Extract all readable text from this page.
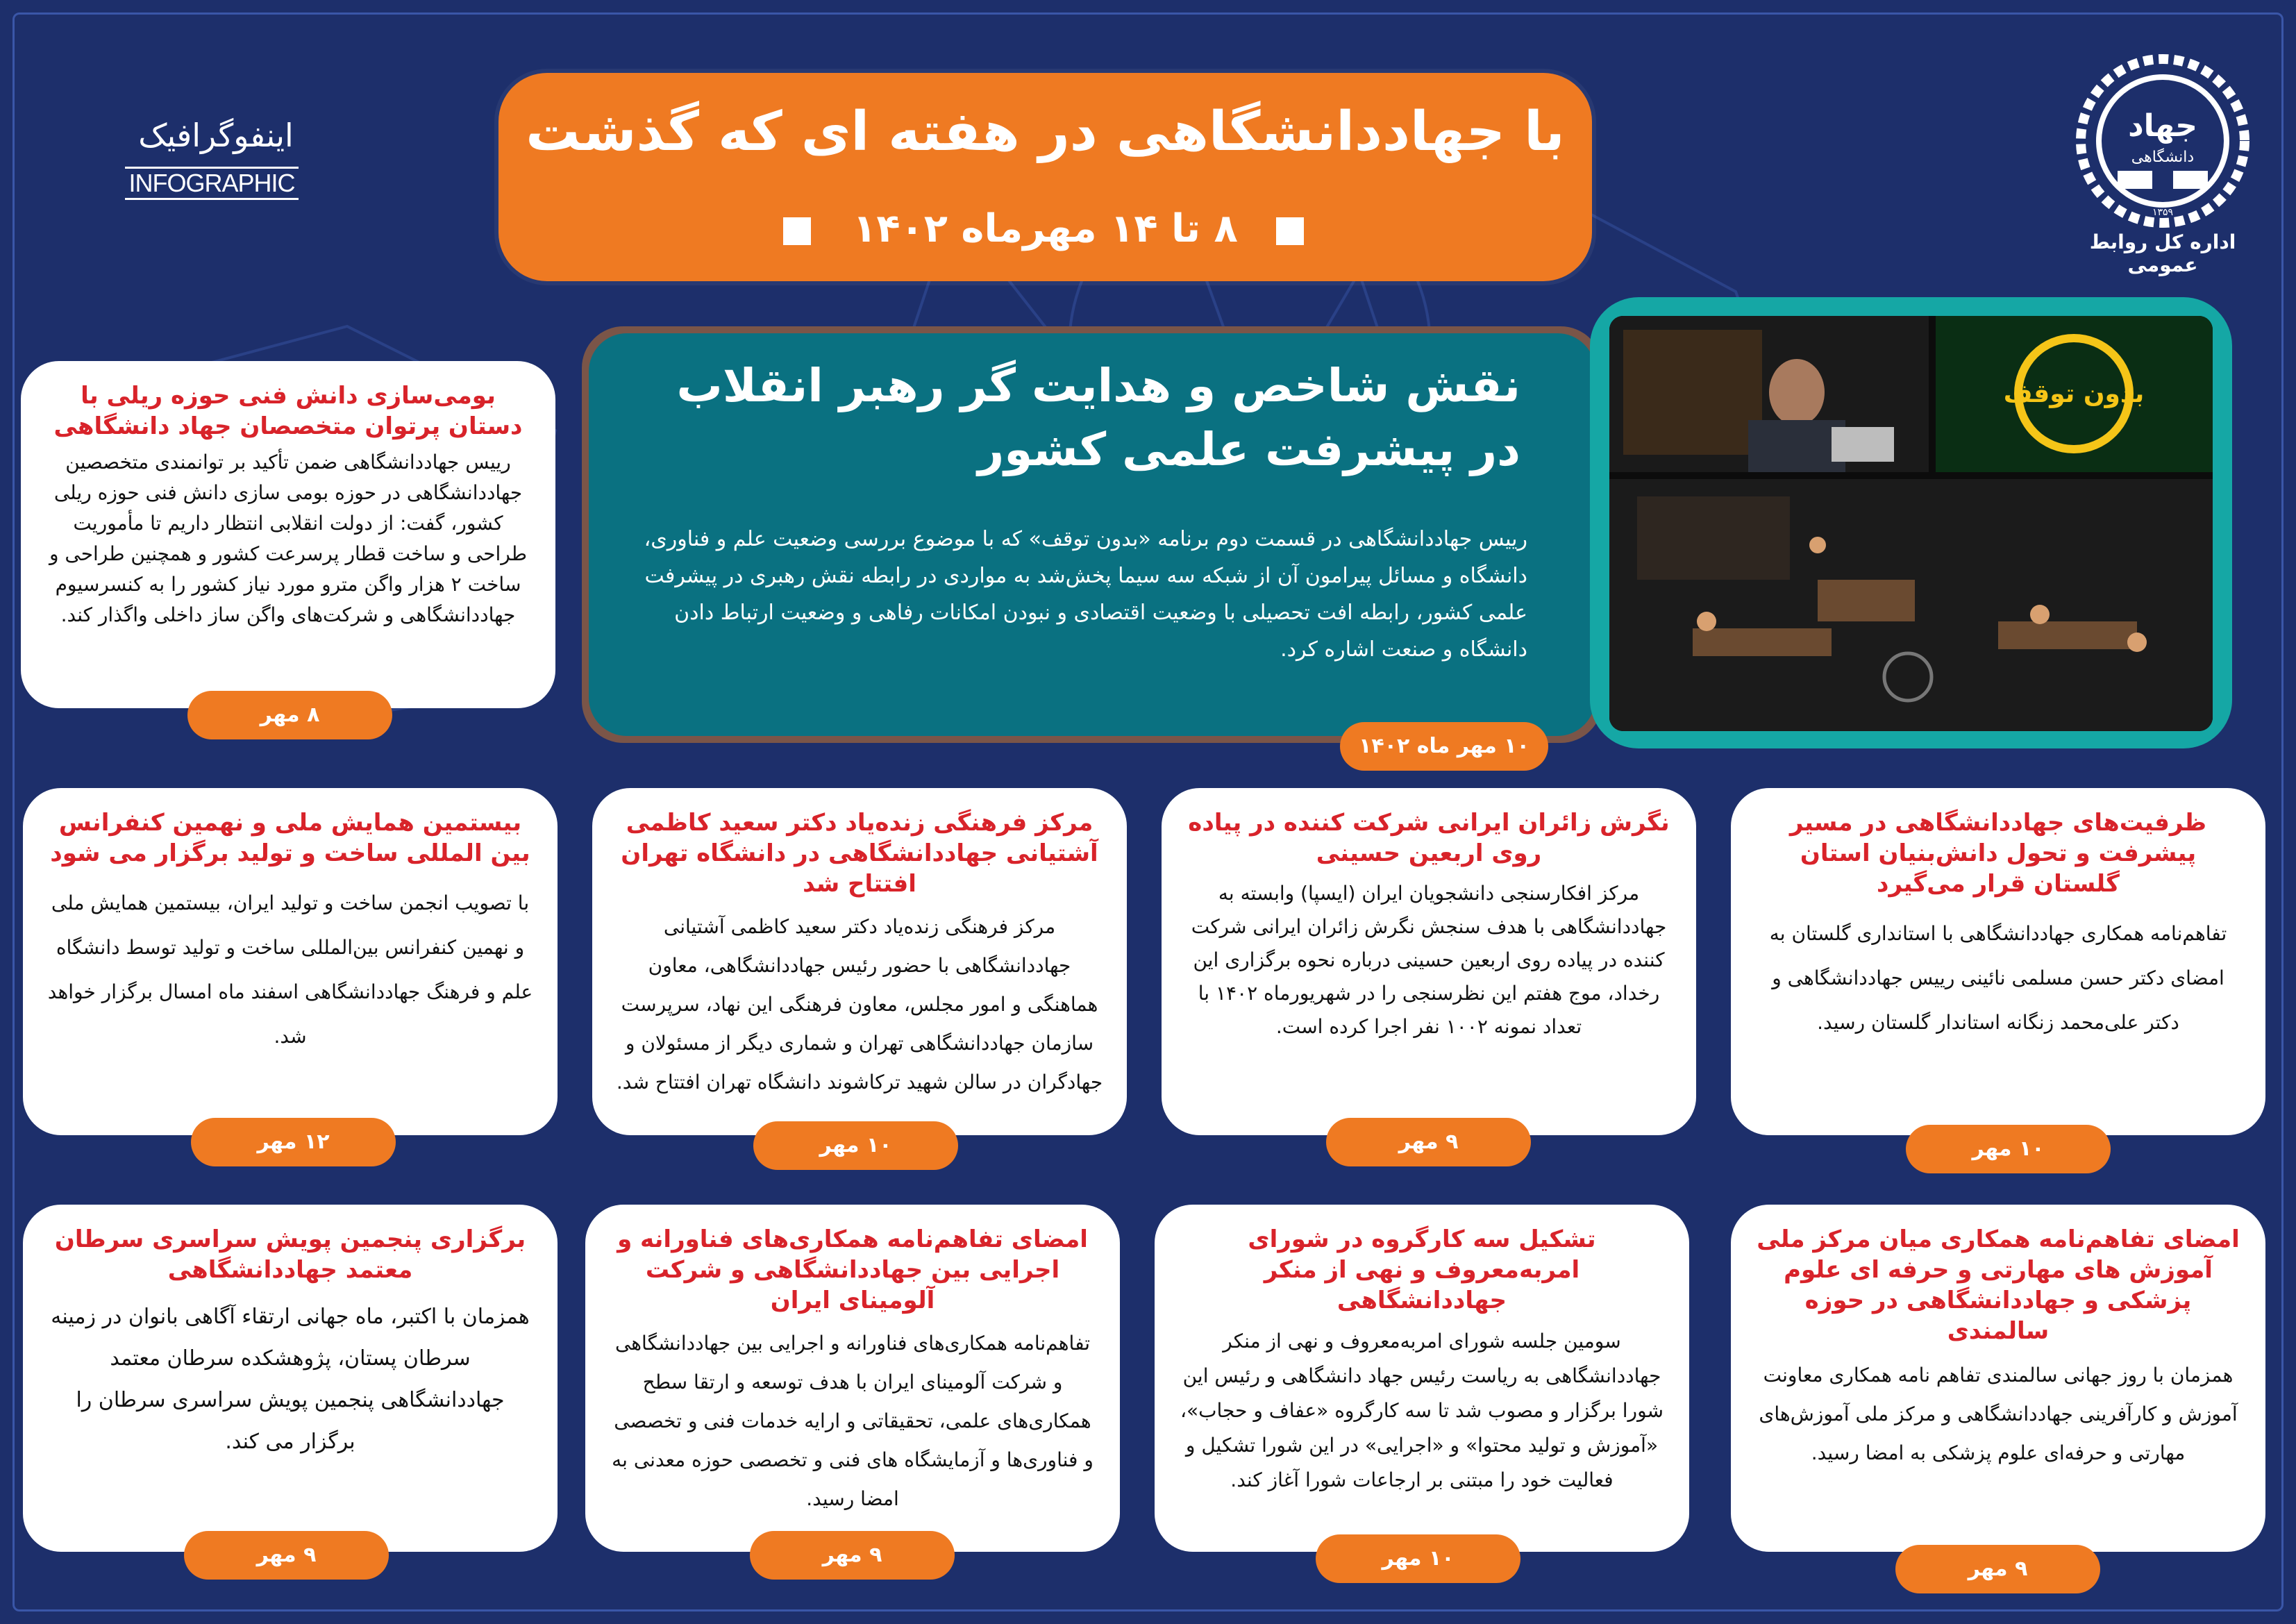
اینفوگرافیک
INFOGRAPHIC
با جهاددانشگاهی در هفته ای که گذشت
۸ تا ۱۴ مهرماه ۱۴۰۲
جهاد
دانشگاهی
۱۳۵۹
اداره کل روابط عمومی
نقش شاخص و هدایت گر رهبر انقلاب در پیشرفت علمی کشور
رییس جهاددانشگاهی در قسمت دوم برنامه «بدون توقف» که با موضوع بررسی وضعیت علم و فناوری، دانشگاه و مسائل پیرامون آن از شبکه سه سیما پخش‌شد به مواردی در رابطه نقش رهبری در پیشرفت علمی کشور، رابطه افت تحصیلی با وضعیت اقتصادی و نبودن امکانات رفاهی و وضعیت ارتباط دادن دانشگاه و صنعت اشاره کرد.
۱۰ مهر ماه ۱۴۰۲
بدون توقف
بومی‌سازی دانش فنی حوزه ریلی با دستان پرتوان متخصصان جهاد دانشگاهی
رییس جهاددانشگاهی ضمن تأکید بر توانمندی متخصصین جهاددانشگاهی در حوزه بومی سازی دانش فنی حوزه ریلی کشور، گفت: از دولت انقلابی انتظار داریم تا مأموریت طراحی و ساخت قطار پرسرعت کشور و همچنین طراحی و ساخت ۲ هزار واگن مترو مورد نیاز کشور را به کنسرسیوم جهاددانشگاهی و شرکت‌های واگن ساز داخلی واگذار کند.
۸ مهر
ظرفیت‌های جهاددانشگاهی در مسیر پیشرفت و تحول دانش‌بنیان استان گلستان قرار می‌گیرد
تفاهم‌نامه همکاری جهاددانشگاهی با استانداری گلستان به امضای دکتر حسن مسلمی نائینی رییس جهاددانشگاهی و دکتر علی‌محمد زنگانه استاندار گلستان رسید.
۱۰ مهر
نگرش زائران ایرانی شرکت کننده در پیاده روی اربعین حسینی
مرکز افکارسنجی دانشجویان ایران (ایسپا) وابسته به جهاددانشگاهی با هدف سنجش نگرش زائران ایرانی شرکت کننده در پیاده روی اربعین حسینی درباره نحوه برگزاری این رخداد، موج هفتم این نظرسنجی را در شهریورماه ۱۴۰۲ با تعداد نمونه ۱۰۰۲ نفر اجرا کرده است.
۹ مهر
مرکز فرهنگی زنده‌یاد دکتر سعید کاظمی آشتیانی جهاددانشگاهی در دانشگاه تهران افتتاح شد
مرکز فرهنگی زنده‌یاد دکتر سعید کاظمی آشتیانی جهاددانشگاهی با حضور رئیس جهاددانشگاهی، معاون هماهنگی و امور مجلس، معاون فرهنگی این نهاد، سرپرست سازمان جهاددانشگاهی تهران و شماری دیگر از مسئولان و جهادگران در سالن شهید ترکاشوند دانشگاه تهران افتتاح شد.
۱۰ مهر
بیستمین همایش ملی و نهمین کنفرانس بین المللی ساخت و تولید برگزار می شود
با تصویب انجمن ساخت و تولید ایران، بیستمین همایش ملی و نهمین کنفرانس بین‌المللی ساخت و تولید توسط دانشگاه علم و فرهنگ جهاددانشگاهی اسفند ماه امسال برگزار خواهد شد.
۱۲ مهر
امضای تفاهم‌نامه همکاری میان مرکز ملی آموزش های مهارتی و حرفه ای علوم پزشکی و جهاددانشگاهی در حوزه سالمندی
همزمان با روز جهانی سالمندی تفاهم نامه همکاری معاونت آموزش و کارآفرینی جهاددانشگاهی و مرکز ملی آموزش‌های مهارتی و حرفه‌ای علوم پزشکی به امضا رسید.
۹ مهر
تشکیل سه کارگروه در شورای امربه‌معروف و نهی از منکر جهاددانشگاهی
سومین جلسه شورای امربه‌معروف و نهی از منکر جهاددانشگاهی به ریاست رئیس جهاد دانشگاهی و رئیس این شورا برگزار و مصوب شد تا سه کارگروه «عفاف و حجاب»، «آموزش و تولید محتوا» و «اجرایی» در این شورا تشکیل و فعالیت خود را مبتنی بر ارجاعات شورا آغاز کند.
۱۰ مهر
امضای تفاهم‌نامه همکاری‌های فناورانه و اجرایی بین جهاددانشگاهی و شرکت آلومینای ایران
تفاهم‌نامه همکاری‌های فناورانه و اجرایی بین جهاددانشگاهی و شرکت آلومینای ایران با هدف توسعه و ارتقا سطح همکاری‌های علمی، تحقیقاتی و ارایه خدمات فنی و تخصصی و فناوری‌ها و آزمایشگاه های فنی و تخصصی حوزه معدنی به امضا رسید.
۹ مهر
برگزاری پنجمین پویش سراسری سرطان معتمد جهاددانشگاهی
همزمان با اکتبر، ماه جهانی ارتقاء آگاهی بانوان در زمینه سرطان پستان، پژوهشکده سرطان معتمد جهاددانشگاهی پنجمین پویش سراسری سرطان را برگزار می کند.
۹ مهر
